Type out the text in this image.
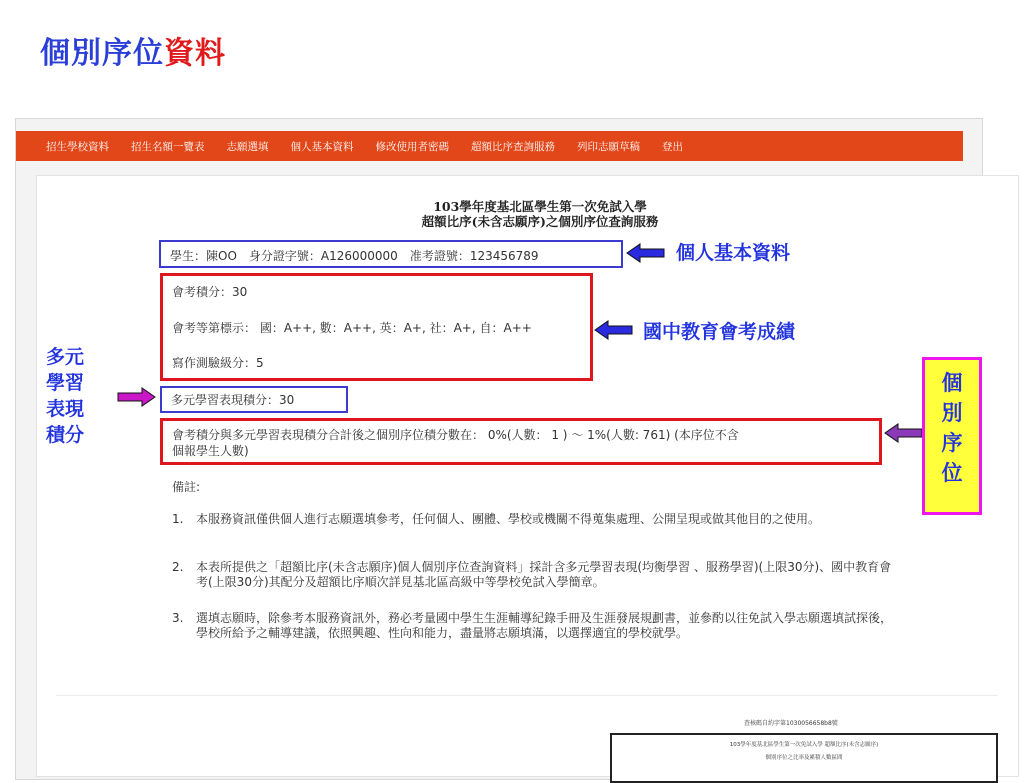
個別序位資料
招生學校資料 招生名額一覽表 志願選填 個人基本資料 修改使用者密碼 超額比序查詢服務 列印志願草稿 登出
103學年度基北區學生第一次免試入學
超額比序(未含志願序)之個別序位查詢服務
學生：陳OO　身分證字號：A126000000　准考證號：123456789
會考積分：30
會考等第標示： 國：A++, 數：A++, 英：A+, 社：A+, 自：A++
寫作測驗級分：5
多元學習表現積分：30
會考積分與多元學習表現積分合計後之個別序位積分數在： 0%(人數： 1 ) ～ 1%(人數: 761) (本序位不含
個報學生人數)
備註:
1. 本服務資訊僅供個人進行志願選填參考，任何個人、團體、學校或機關不得蒐集處理、公開呈現或做其他目的之使用。
2. 本表所提供之「超額比序(未含志願序)個人個別序位查詢資料」採計含多元學習表現(均衡學習 、服務學習)(上限30分)、國中教育會考(上限30分)其配分及超額比序順次詳見基北區高級中等學校免試入學簡章。
3. 選填志願時，除參考本服務資訊外，務必考量國中學生生涯輔導紀錄手冊及生涯發展規劃書，並參酌以往免試入學志願選填試探後， 學校所給予之輔導建議，依照興趣、性向和能力，盡量將志願填滿，以選擇適宜的學校就學。
個人基本資料
國中教育會考成績
多元
學習
表現
積分
個
別
序
位
查核碼自約字第1030056658b8號
103學年度基北區學生第一次免試入學 超額比序(未含志願序)
個別序位之比率及累積人數區間
